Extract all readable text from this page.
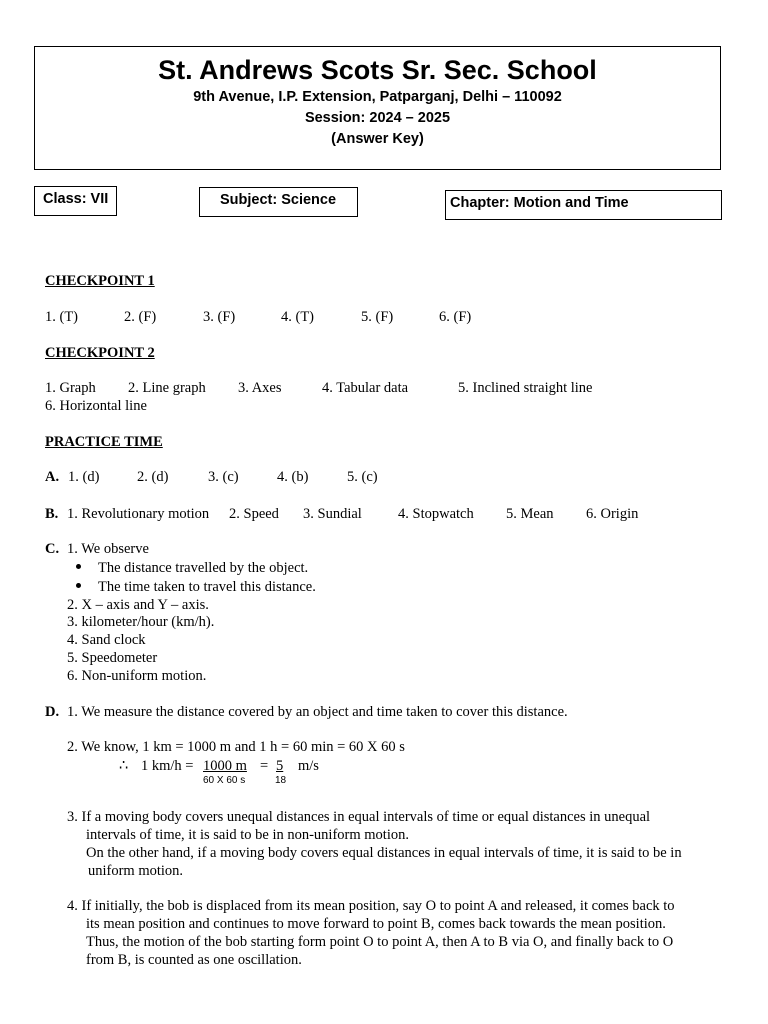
St. Andrews Scots Sr. Sec. School
9th Avenue, I.P. Extension, Patparganj, Delhi – 110092
Session: 2024 – 2025
(Answer Key)
Class: VII	Subject: Science	Chapter: Motion and Time
CHECKPOINT 1
1. (T)	2. (F)	3. (F)	4. (T)	5. (F)	6. (F)
CHECKPOINT 2
1. Graph 2. Line graph 3. Axes	4. Tabular data	5. Inclined straight line
6. Horizontal line
PRACTICE TIME
A. 1. (d)	2. (d)	3. (c)	4. (b)	5. (c)
B. 1. Revolutionary motion 2. Speed 3. Sundial 4. Stopwatch 5. Mean 6. Origin
C. 1. We observe
The distance travelled by the object.
The time taken to travel this distance.
2. X – axis and Y – axis.
3. kilometer/hour (km/h).
4. Sand clock
5. Speedometer
6. Non-uniform motion.
D. 1. We measure the distance covered by an object and time taken to cover this distance.
2. We know, 1 km = 1000 m and 1 h = 60 min = 60 X 60 s
∴ 1 km/h = 1000 m = 5	m/s
60 X 60 s	18
3. If a moving body covers unequal distances in equal intervals of time or equal distances in unequal
intervals of time, it is said to be in non-uniform motion.
On the other hand, if a moving body covers equal distances in equal intervals of time, it is said to be in
uniform motion.
4. If initially, the bob is displaced from its mean position, say O to point A and released, it comes back to
its mean position and continues to move forward to point B, comes back towards the mean position.
Thus, the motion of the bob starting form point O to point A, then A to B via O, and finally back to O
from B, is counted as one oscillation.
